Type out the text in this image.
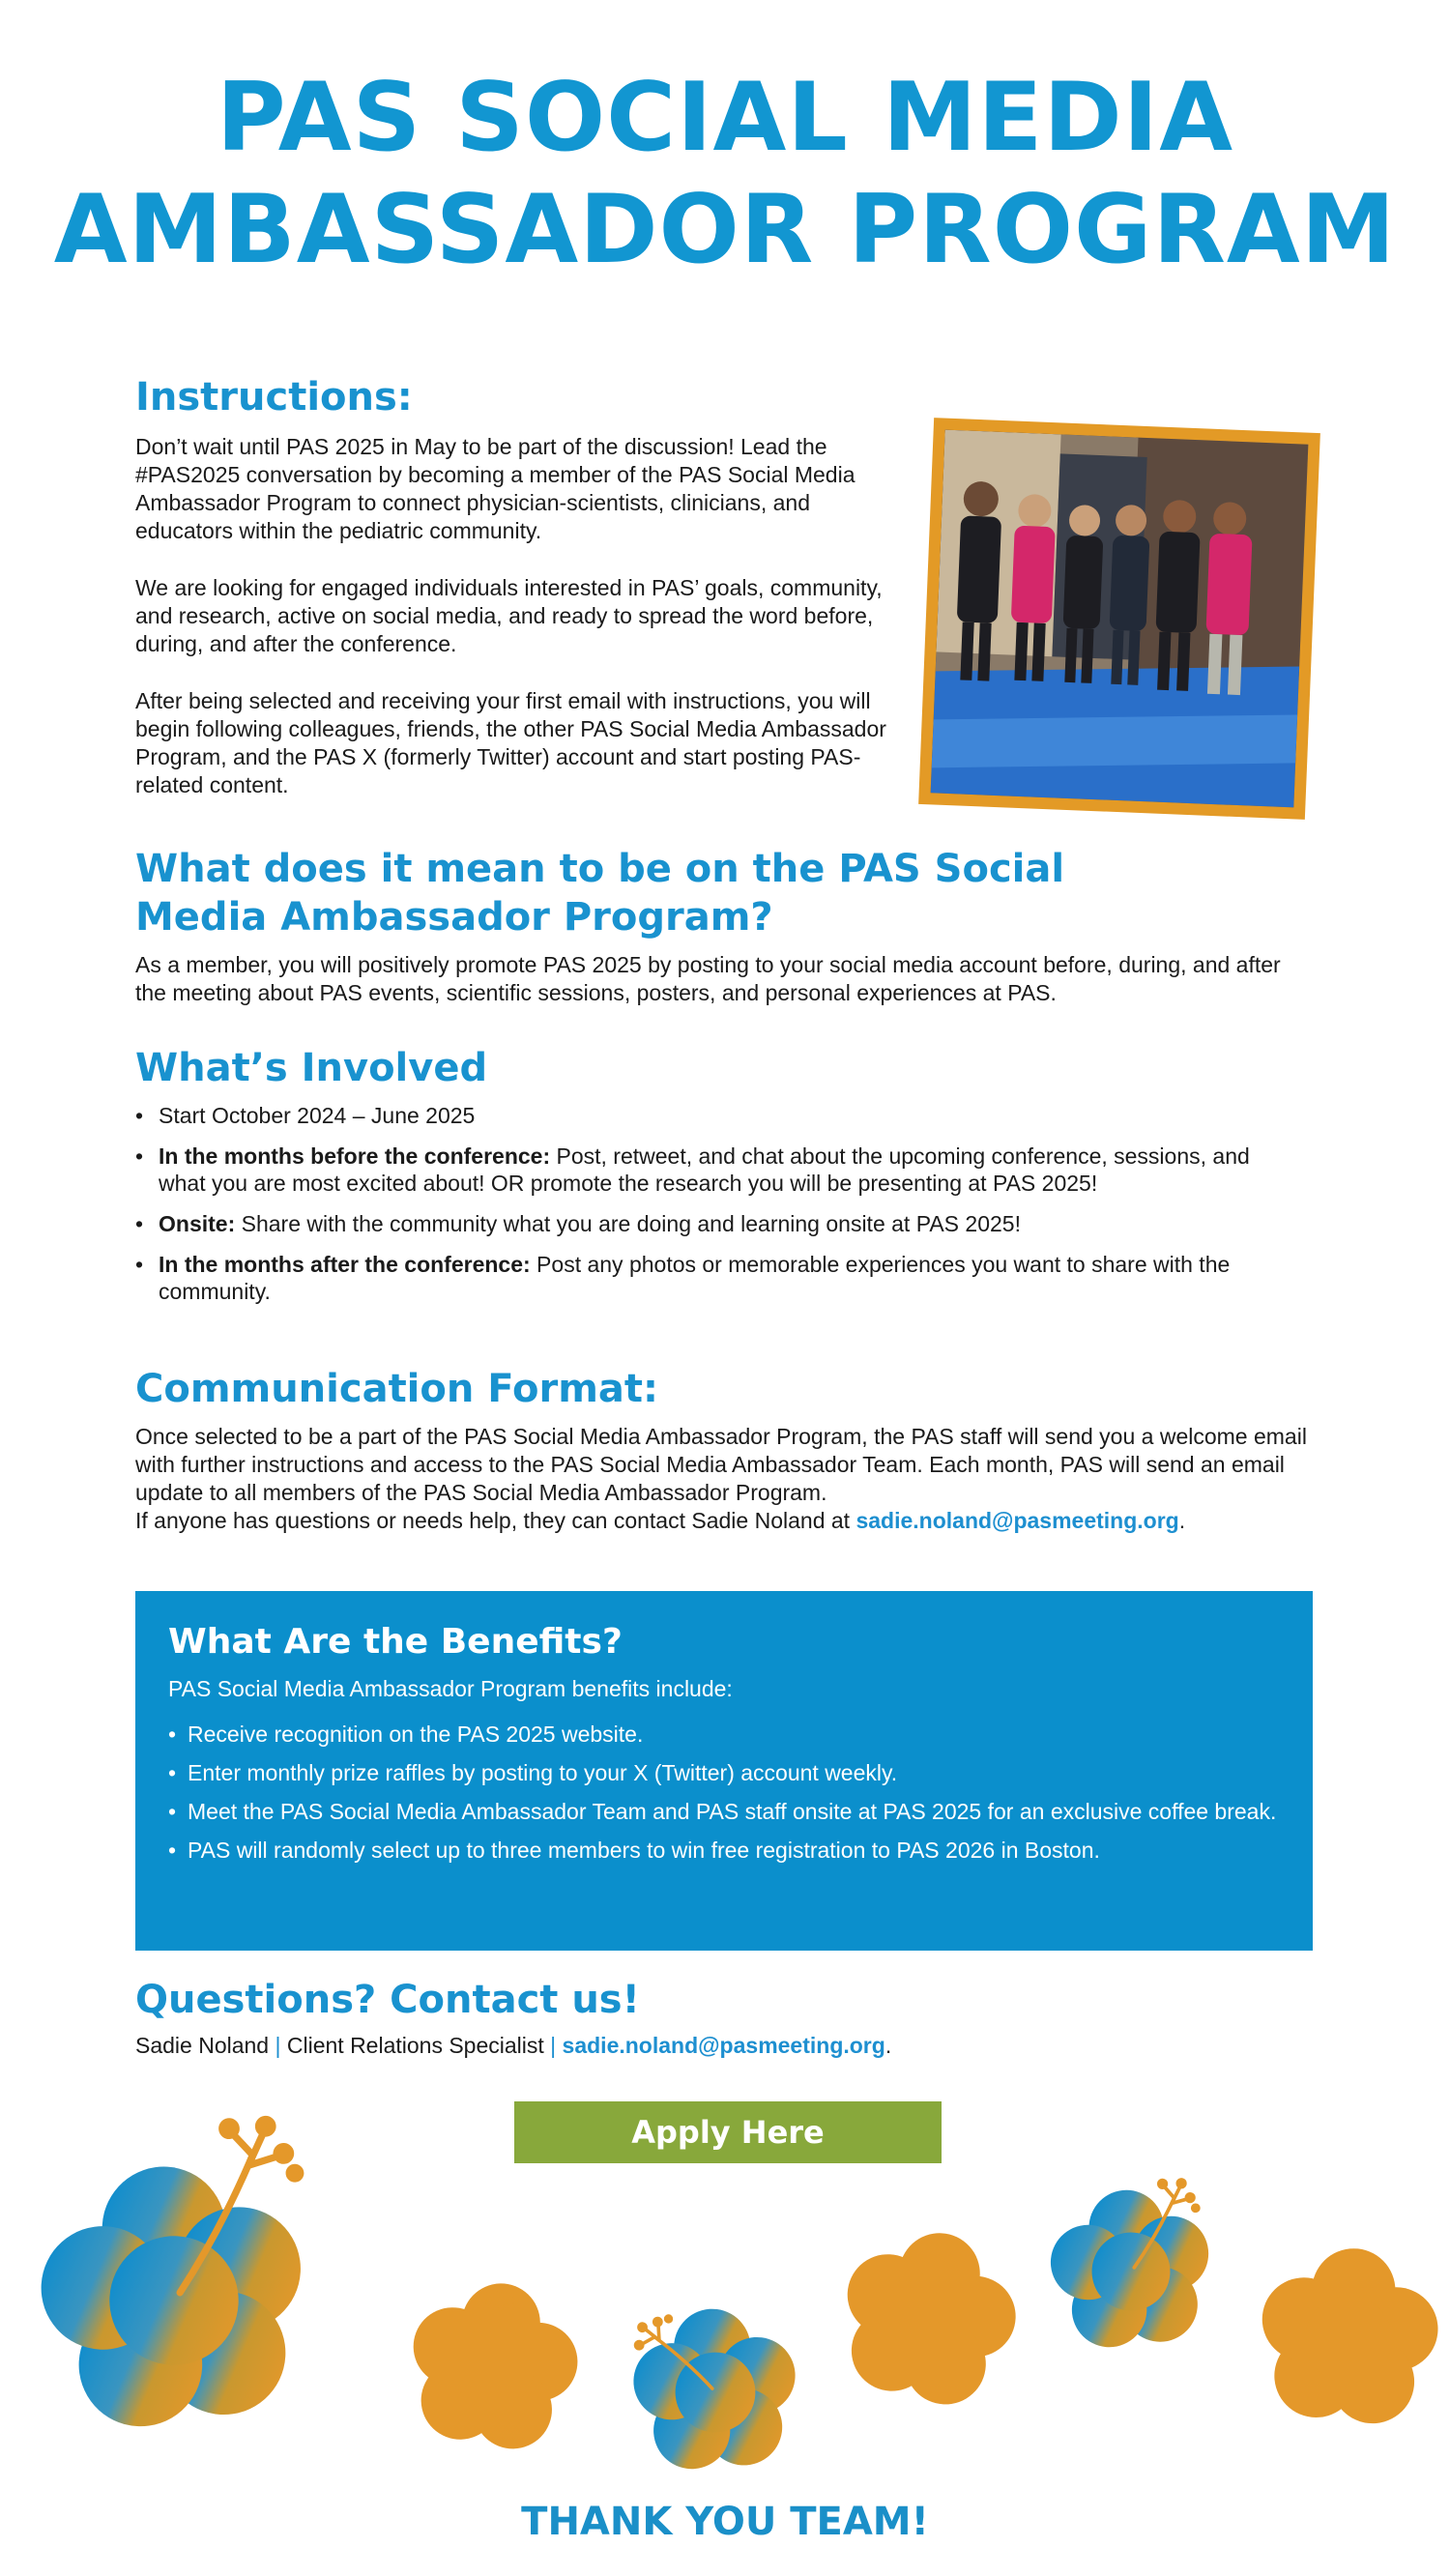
PAS SOCIAL MEDIA
AMBASSADOR PROGRAM
Instructions:

Don’t wait until PAS 2025 in May to be part of the discussion! Lead the #PAS2025 conversation by becoming a member of the PAS Social Media Ambassador Program to connect physician-scientists, clinicians, and educators within the pediatric community.

We are looking for engaged individuals interested in PAS’ goals, community, and research, active on social media, and ready to spread the word before, during, and after the conference.

After being selected and receiving your first email with instructions, you will begin following colleagues, friends, the other PAS Social Media Ambassador Program, and the PAS X (formerly Twitter) account and start posting PAS-related content.

What does it mean to be on the PAS Social Media Ambassador Program?

As a member, you will positively promote PAS 2025 by posting to your social media account before, during, and after the meeting about PAS events, scientific sessions, posters, and personal experiences at PAS.

What’s Involved
• Start October 2024 – June 2025
• In the months before the conference: Post, retweet, and chat about the upcoming conference, sessions, and what you are most excited about! OR promote the research you will be presenting at PAS 2025!
• Onsite: Share with the community what you are doing and learning onsite at PAS 2025!
• In the months after the conference: Post any photos or memorable experiences you want to share with the community.
Communication Format:

Once selected to be a part of the PAS Social Media Ambassador Program, the PAS staff will send you a welcome email with further instructions and access to the PAS Social Media Ambassador Team. Each month, PAS will send an email update to all members of the PAS Social Media Ambassador Program.

If anyone has questions or needs help, they can contact Sadie Noland at sadie.noland@pasmeeting.org.

What Are the Benefits?

PAS Social Media Ambassador Program benefits include:

• Receive recognition on the PAS 2025 website.
• Enter monthly prize raffles by posting to your X (Twitter) account weekly.
• Meet the PAS Social Media Ambassador Team and PAS staff onsite at PAS 2025 for an exclusive coffee break.
• PAS will randomly select up to three members to win free registration to PAS 2026 in Boston.
Questions? Contact us!

Sadie Noland | Client Relations Specialist | sadie.noland@pasmeeting.org.

Apply Here
THANK YOU TEAM!
